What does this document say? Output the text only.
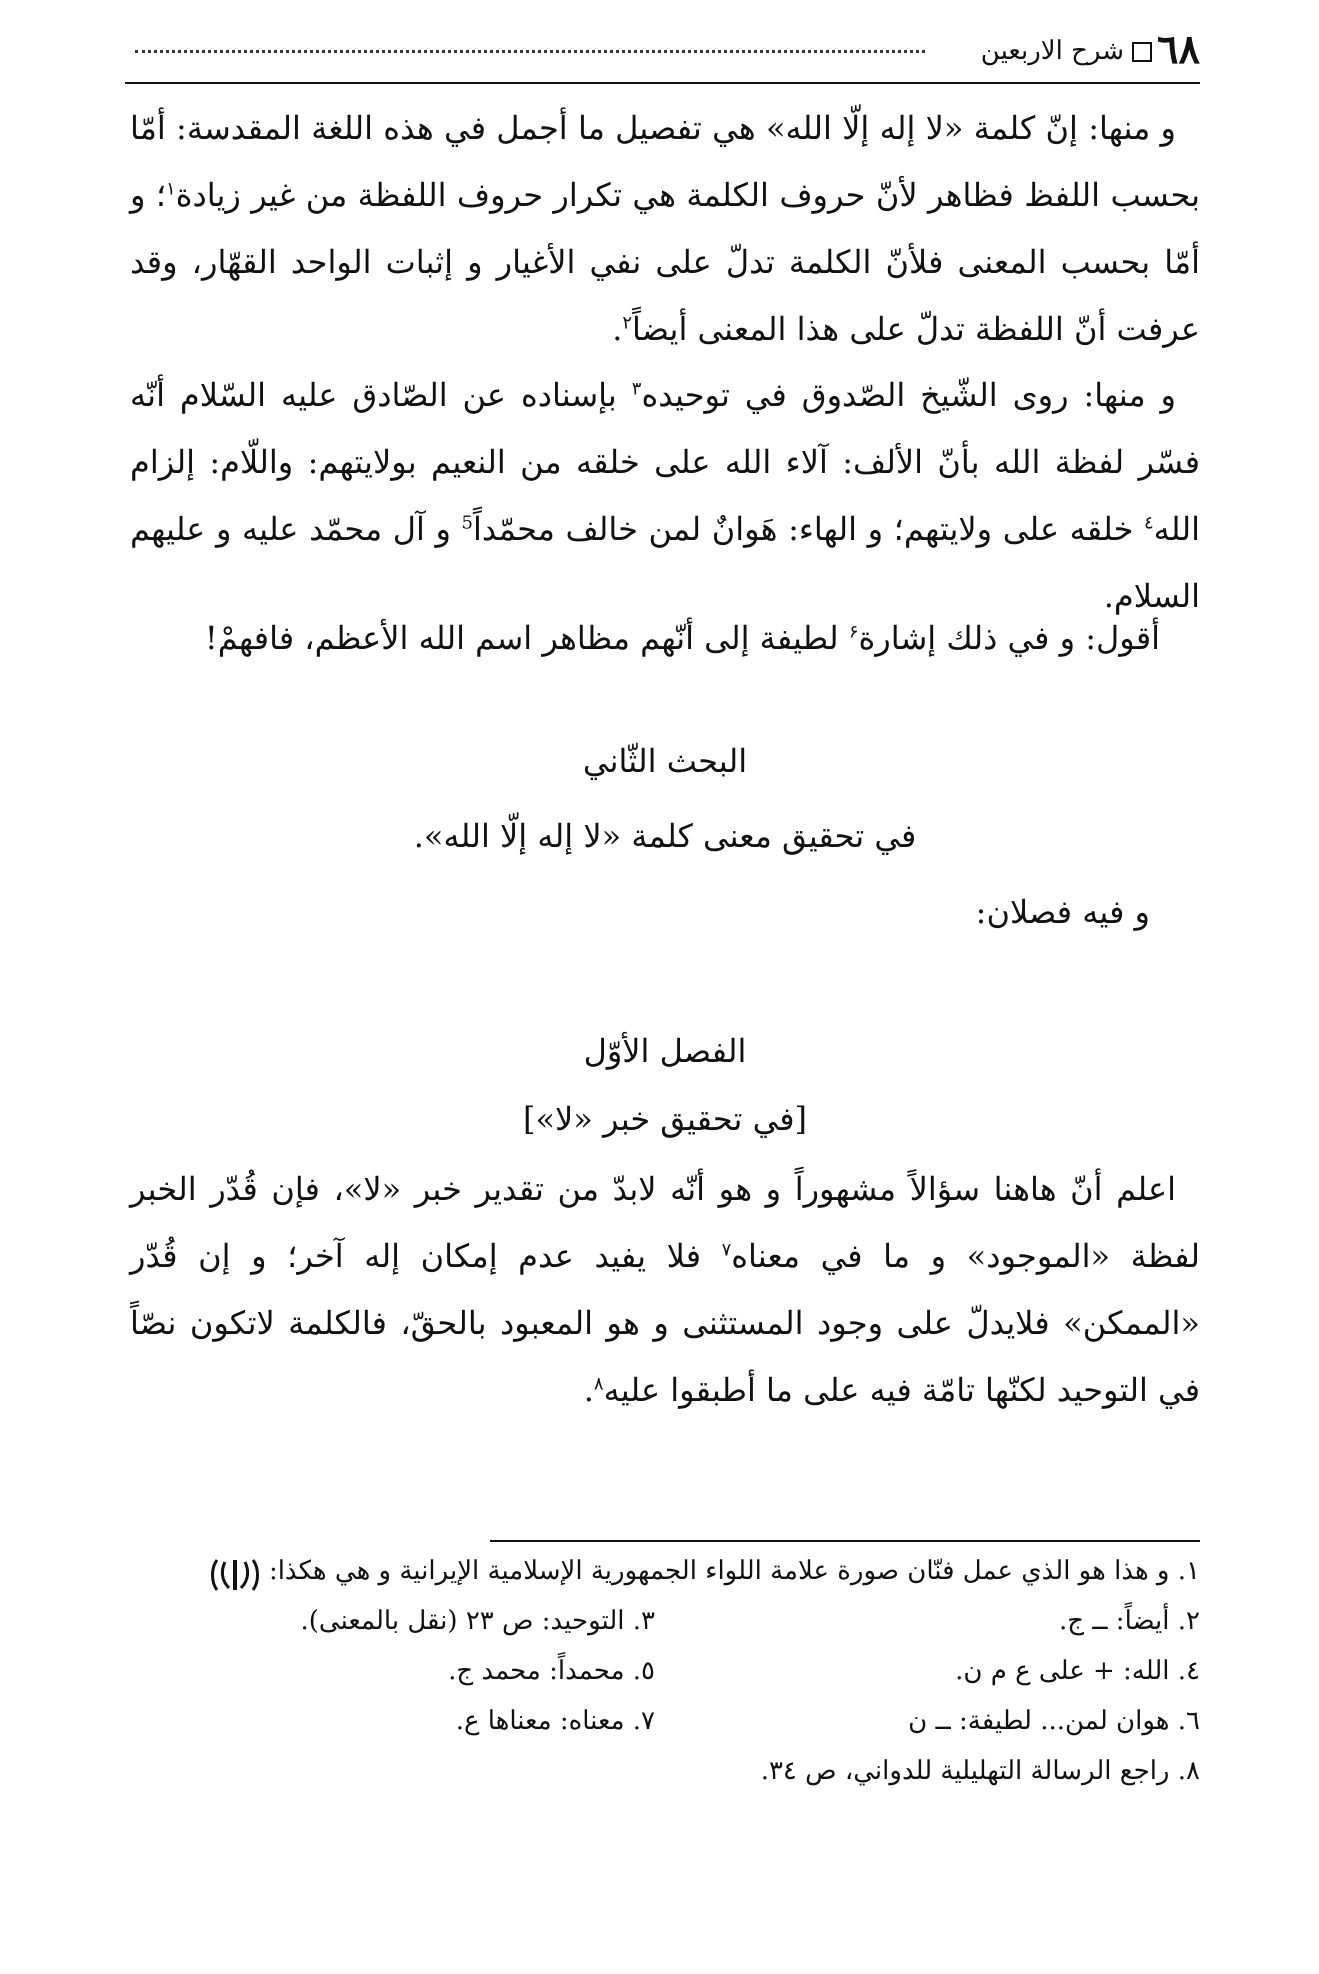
٦٨
شرح الاربعين

و منها: إنّ كلمة «لا إله إلّا الله» هي تفصيل ما أجمل في هذه اللغة المقدسة: أمّا بحسب اللفظ فظاهر لأنّ حروف الكلمة هي تكرار حروف اللفظة من غير زيادة$^١$؛ و أمّا بحسب المعنى فلأنّ الكلمة تدلّ على نفي الأغيار و إثبات الواحد القهّار، وقد عرفت أنّ اللفظة تدلّ على هذا المعنى أيضاً$^٢$.

و منها: روى الشّيخ الصّدوق في توحيده$^٣$ بإسناده عن الصّادق عليه السّلام أنّه فسّر لفظة الله بأنّ الألف: آلاء الله على خلقه من النعيم بولايتهم: واللّام: إلزام الله$^٤$ خلقه على ولايتهم؛ و الهاء: هَوانٌ لمن خالف محمّداً$^5$ و آل محمّد عليه و عليهم السلام.

أقول: و في ذلك إشارة$^۶$ لطيفة إلى أنّهم مظاهر اسم الله الأعظم، فافهمْ!

البحث الثّاني

في تحقيق معنى كلمة «لا إله إلّا الله».

و فيه فصلان:

الفصل الأوّل

[في تحقيق خبر «لا»]

اعلم أنّ هاهنا سؤالاً مشهوراً و هو أنّه لابدّ من تقدير خبر «لا»، فإن قُدّر الخبر لفظة «الموجود» و ما في معناه$^٧$ فلا يفيد عدم إمكان إله آخر؛ و إن قُدّر «الممكن» فلايدلّ على وجود المستثنى و هو المعبود بالحقّ، فالكلمة لاتكون نصّاً في التوحيد لكنّها تامّة فيه على ما أطبقوا عليه$^٨$.

١. و هذا هو الذي عمل فنّان صورة علامة اللواء الجمهورية الإسلامية الإيرانية و هي هكذا:
٢. أيضاً: ــ ج.
٣. التوحيد: ص ٢٣ (نقل بالمعنى).
٤. الله: + على ع م ن.
٥. محمداً: محمد ج.
٦. هوان لمن... لطيفة: ــ ن
٧. معناه: معناها ع.
٨. راجع الرسالة التهليلية للدواني، ص ٣٤.
